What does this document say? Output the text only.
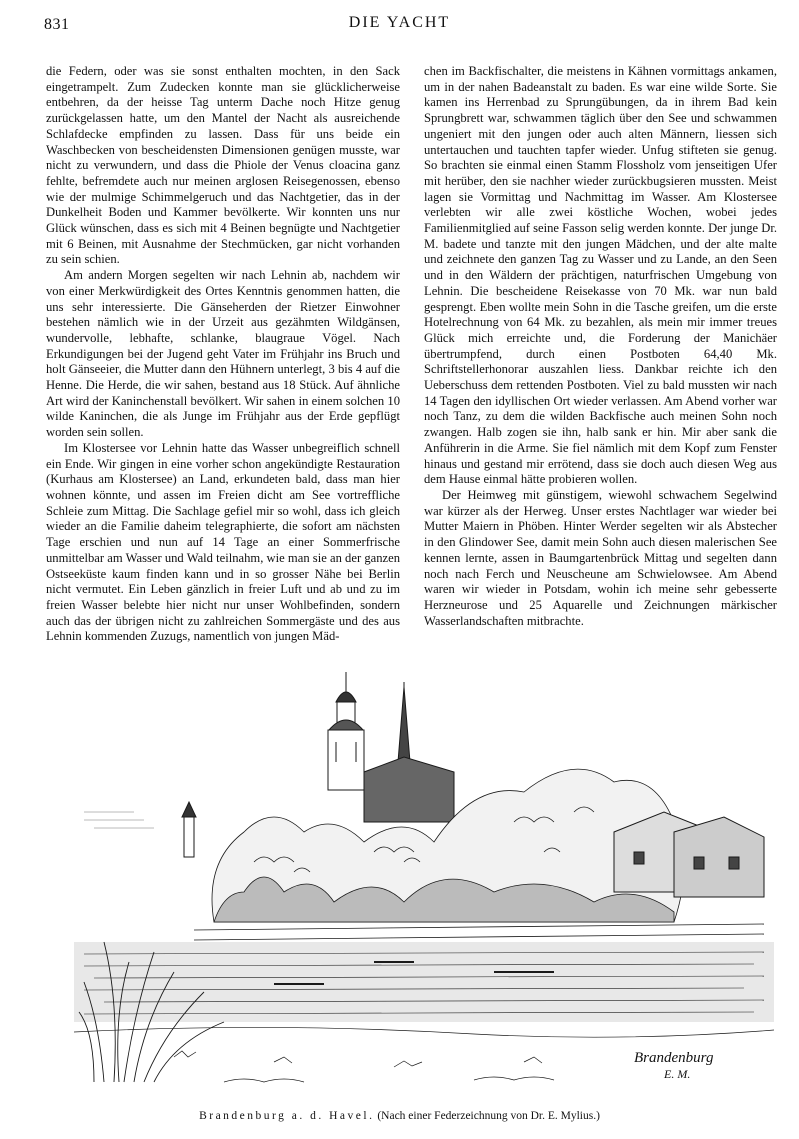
831	DIE YACHT

die Federn, oder was sie sonst enthalten mochten, in den Sack eingetrampelt. Zum Zudecken konnte man sie glücklicherweise entbehren, da der heisse Tag unterm Dache noch Hitze genug zurückgelassen hatte, um den Mantel der Nacht als ausreichende Schlafdecke empfinden zu lassen. Dass für uns beide ein Waschbecken von bescheidensten Dimensionen genügen musste, war nicht zu verwundern, und dass die Phiole der Venus cloacina ganz fehlte, befremdete auch nur meinen arglosen Reisegenossen, ebenso wie der mulmige Schimmelgeruch und das Nachtgetier, das in der Dunkelheit Boden und Kammer bevölkerte. Wir konnten uns nur Glück wünschen, dass es sich mit 4 Beinen begnügte und Nachtgetier mit 6 Beinen, mit Ausnahme der Stechmücken, gar nicht vorhanden zu sein schien.

Am andern Morgen segelten wir nach Lehnin ab, nachdem wir von einer Merkwürdigkeit des Ortes Kenntnis genommen hatten, die uns sehr interessierte. Die Gänseherden der Rietzer Einwohner bestehen nämlich wie in der Urzeit aus gezähmten Wildgänsen, wundervolle, lebhafte, schlanke, blaugraue Vögel. Nach Erkundigungen bei der Jugend geht Vater im Frühjahr ins Bruch und holt Gänseeier, die Mutter dann den Hühnern unterlegt, 3 bis 4 auf die Henne. Die Herde, die wir sahen, bestand aus 18 Stück. Auf ähnliche Art wird der Kaninchenstall bevölkert. Wir sahen in einem solchen 10 wilde Kaninchen, die als Junge im Frühjahr aus der Erde gepflügt worden sein sollen.

Im Klostersee vor Lehnin hatte das Wasser unbegreiflich schnell ein Ende. Wir gingen in eine vorher schon angekündigte Restauration (Kurhaus am Klostersee) an Land, erkundeten bald, dass man hier wohnen könnte, und assen im Freien dicht am See vortreffliche Schleie zum Mittag. Die Sachlage gefiel mir so wohl, dass ich gleich wieder an die Familie daheim telegraphierte, die sofort am nächsten Tage erschien und nun auf 14 Tage an einer Sommerfrische unmittelbar am Wasser und Wald teilnahm, wie man sie an der ganzen Ostseeküste kaum finden kann und in so grosser Nähe bei Berlin nicht vermutet. Ein Leben gänzlich in freier Luft und ab und zu im freien Wasser belebte hier nicht nur unser Wohlbefinden, sondern auch das der übrigen nicht zu zahlreichen Sommergäste und des aus Lehnin kommenden Zuzugs, namentlich von jungen Mäd-

chen im Backfischalter, die meistens in Kähnen vormittags ankamen, um in der nahen Badeanstalt zu baden. Es war eine wilde Sorte. Sie kamen ins Herrenbad zu Sprungübungen, da in ihrem Bad kein Sprungbrett war, schwammen täglich über den See und schwammen ungeniert mit den jungen oder auch alten Männern, liessen sich untertauchen und tauchten tapfer wieder. Unfug stifteten sie genug. So brachten sie einmal einen Stamm Flossholz vom jenseitigen Ufer mit herüber, den sie nachher wieder zurückbugsieren mussten. Meist lagen sie Vormittag und Nachmittag im Wasser. Am Klostersee verlebten wir alle zwei köstliche Wochen, wobei jedes Familienmitglied auf seine Fasson selig werden konnte. Der junge Dr. M. badete und tanzte mit den jungen Mädchen, und der alte malte und zeichnete den ganzen Tag zu Wasser und zu Lande, an den Seen und in den Wäldern der prächtigen, naturfrischen Umgebung von Lehnin. Die bescheidene Reisekasse von 70 Mk. war nun bald gesprengt. Eben wollte mein Sohn in die Tasche greifen, um die erste Hotelrechnung von 64 Mk. zu bezahlen, als mein mir immer treues Glück mich erreichte und, die Forderung der Manichäer übertrumpfend, durch einen Postboten 64,40 Mk. Schriftstellerhonorar auszahlen liess. Dankbar reichte ich den Ueberschuss dem rettenden Postboten. Viel zu bald mussten wir nach 14 Tagen den idyllischen Ort wieder verlassen. Am Abend vorher war noch Tanz, zu dem die wilden Backfische auch meinen Sohn noch zwangen. Halb zogen sie ihn, halb sank er hin. Mir aber sank die Anführerin in die Arme. Sie fiel nämlich mit dem Kopf zum Fenster hinaus und gestand mir errötend, dass sie doch auch diesen Weg aus dem Hause einmal hätte probieren wollen.

Der Heimweg mit günstigem, wiewohl schwachem Segelwind war kürzer als der Herweg. Unser erstes Nachtlager war wieder bei Mutter Maiern in Phöben. Hinter Werder segelten wir als Abstecher in den Glindower See, damit mein Sohn auch diesen malerischen See kennen lernte, assen in Baumgartenbrück Mittag und segelten dann noch nach Ferch und Neuscheune am Schwielowsee. Am Abend waren wir wieder in Potsdam, wohin ich meine sehr gebesserte Herzneurose und 25 Aquarelle und Zeichnungen märkischer Wasserlandschaften mitbrachte.

Brandenburg
E. M.
Brandenburg a. d. Havel. (Nach einer Federzeichnung von Dr. E. Mylius.)
